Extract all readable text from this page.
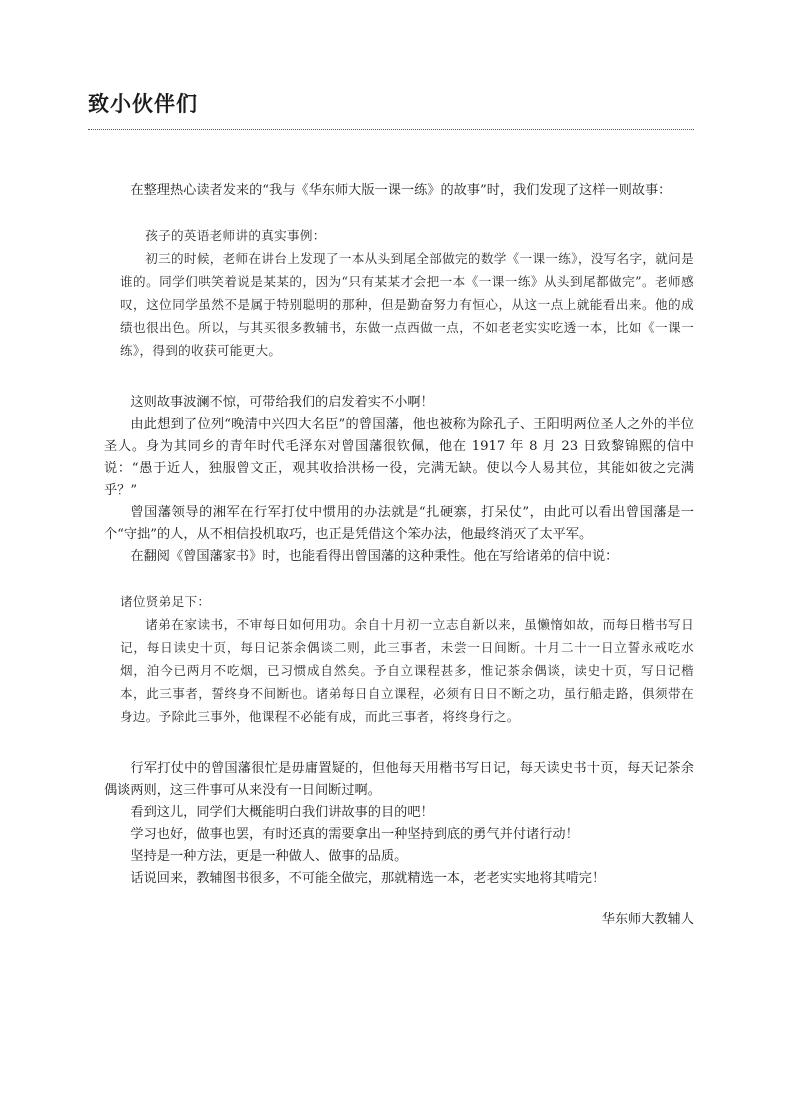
致小伙伴们

在整理热心读者发来的“我与《华东师大版一课一练》的故事”时，我们发现了这样一则故事：

孩子的英语老师讲的真实事例：

初三的时候，老师在讲台上发现了一本从头到尾全部做完的数学《一课一练》，没写名字，就问是谁的。同学们哄笑着说是某某的，因为“只有某某才会把一本《一课一练》从头到尾都做完”。老师感叹，这位同学虽然不是属于特别聪明的那种，但是勤奋努力有恒心，从这一点上就能看出来。他的成绩也很出色。所以，与其买很多教辅书，东做一点西做一点，不如老老实实吃透一本，比如《一课一练》，得到的收获可能更大。

这则故事波澜不惊，可带给我们的启发着实不小啊！

由此想到了位列“晚清中兴四大名臣”的曾国藩，他也被称为除孔子、王阳明两位圣人之外的半位圣人。身为其同乡的青年时代毛泽东对曾国藩很钦佩，他在 1917 年 8 月 23 日致黎锦熙的信中说：“愚于近人，独服曾文正，观其收拾洪杨一役，完满无缺。使以今人易其位，其能如彼之完满乎？”

曾国藩领导的湘军在行军打仗中惯用的办法就是“扎硬寨，打呆仗”，由此可以看出曾国藩是一个“守拙”的人，从不相信投机取巧，也正是凭借这个笨办法，他最终消灭了太平军。

在翻阅《曾国藩家书》时，也能看得出曾国藩的这种秉性。他在写给诸弟的信中说：

诸位贤弟足下：

诸弟在家读书，不审每日如何用功。余自十月初一立志自新以来，虽懒惰如故，而每日楷书写日记，每日读史十页，每日记茶余偶谈二则，此三事者，未尝一日间断。十月二十一日立誓永戒吃水烟，洎今已两月不吃烟，已习惯成自然矣。予自立课程甚多，惟记茶余偶谈，读史十页，写日记楷本，此三事者，誓终身不间断也。诸弟每日自立课程，必须有日日不断之功，虽行船走路，俱须带在身边。予除此三事外，他课程不必能有成，而此三事者，将终身行之。

行军打仗中的曾国藩很忙是毋庸置疑的，但他每天用楷书写日记，每天读史书十页，每天记茶余偶谈两则，这三件事可从来没有一日间断过啊。

看到这儿，同学们大概能明白我们讲故事的目的吧！

学习也好，做事也罢，有时还真的需要拿出一种坚持到底的勇气并付诸行动！

坚持是一种方法，更是一种做人、做事的品质。

话说回来，教辅图书很多，不可能全做完，那就精选一本，老老实实地将其啃完！

华东师大教辅人
